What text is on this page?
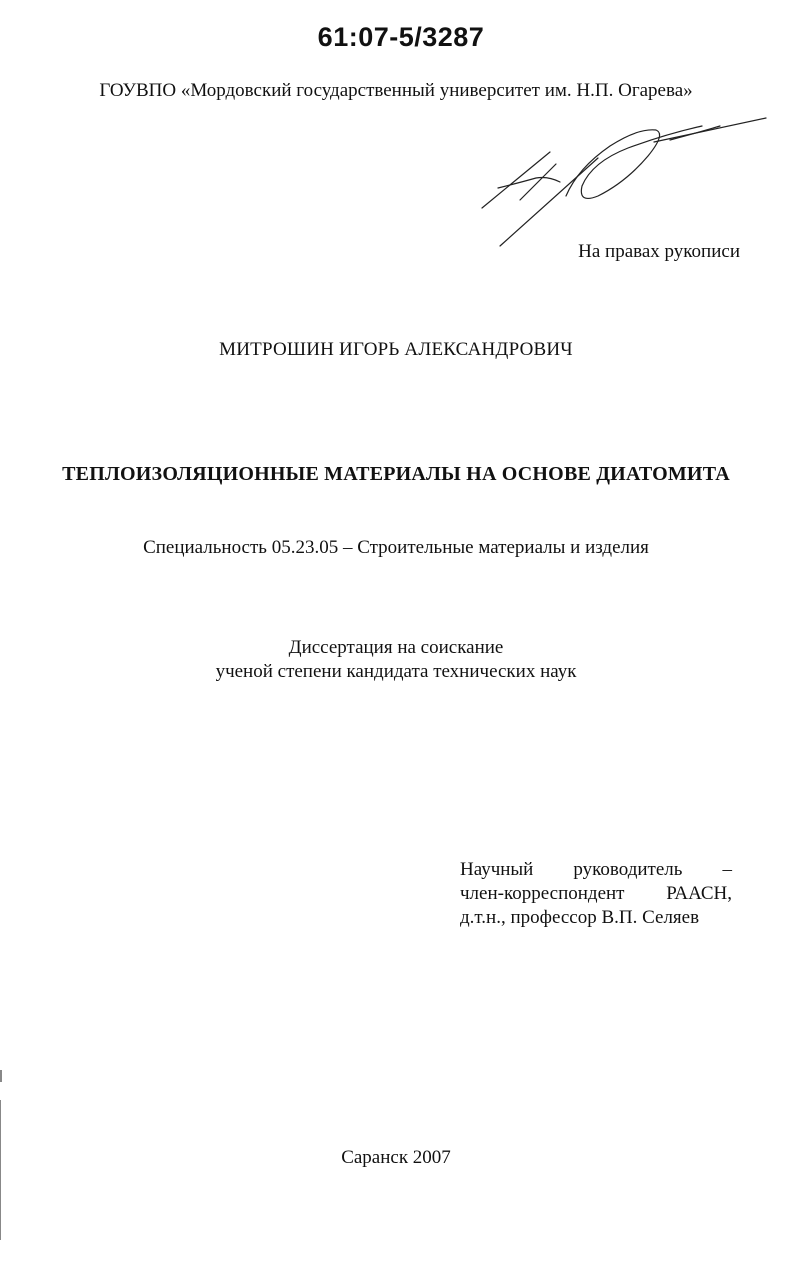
61:07-5/3287
ГОУВПО «Мордовский государственный университет им. Н.П. Огарева»
На правах рукописи
МИТРОШИН ИГОРЬ АЛЕКСАНДРОВИЧ
ТЕПЛОИЗОЛЯЦИОННЫЕ МАТЕРИАЛЫ НА ОСНОВЕ ДИАТОМИТА
Специальность 05.23.05 – Строительные материалы и изделия
Диссертация на соискание
ученой степени кандидата технических наук
Научный руководитель –
член-корреспондент РААСН,
д.т.н., профессор В.П. Селяев
Саранск 2007
